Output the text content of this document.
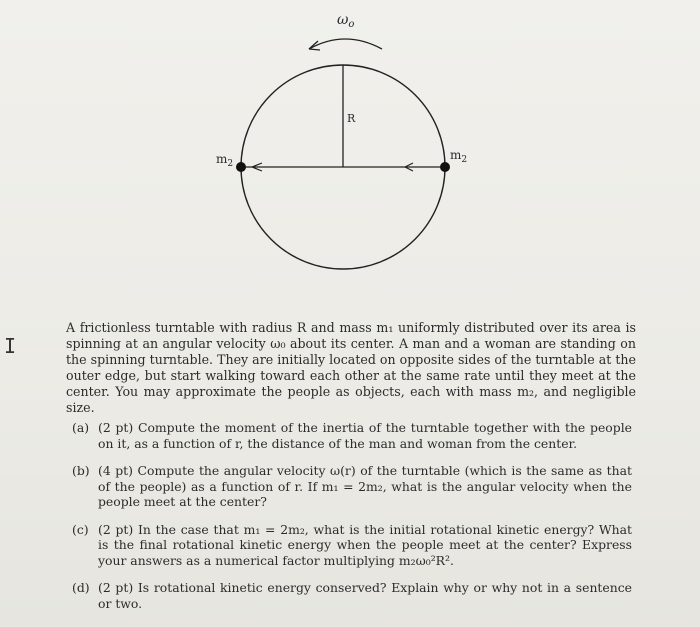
I
$\omega_o$
R
$m_2$
$m_2$
A frictionless turntable with radius R and mass m₁ uniformly distributed over its area is spinning at an angular velocity ω₀ about its center. A man and a woman are standing on the spinning turntable. They are initially located on opposite sides of the turntable at the outer edge, but start walking toward each other at the same rate until they meet at the center. You may approximate the people as objects, each with mass m₂, and negligible size.
(a) (2 pt) Compute the moment of the inertia of the turntable together with the people on it, as a function of r, the distance of the man and woman from the center.
(b) (4 pt) Compute the angular velocity ω(r) of the turntable (which is the same as that of the people) as a function of r. If m₁ = 2m₂, what is the angular velocity when the people meet at the center?
(c) (2 pt) In the case that m₁ = 2m₂, what is the initial rotational kinetic energy? What is the final rotational kinetic energy when the people meet at the center? Express your answers as a numerical factor multiplying m₂ω₀²R².
(d) (2 pt) Is rotational kinetic energy conserved? Explain why or why not in a sentence or two.
